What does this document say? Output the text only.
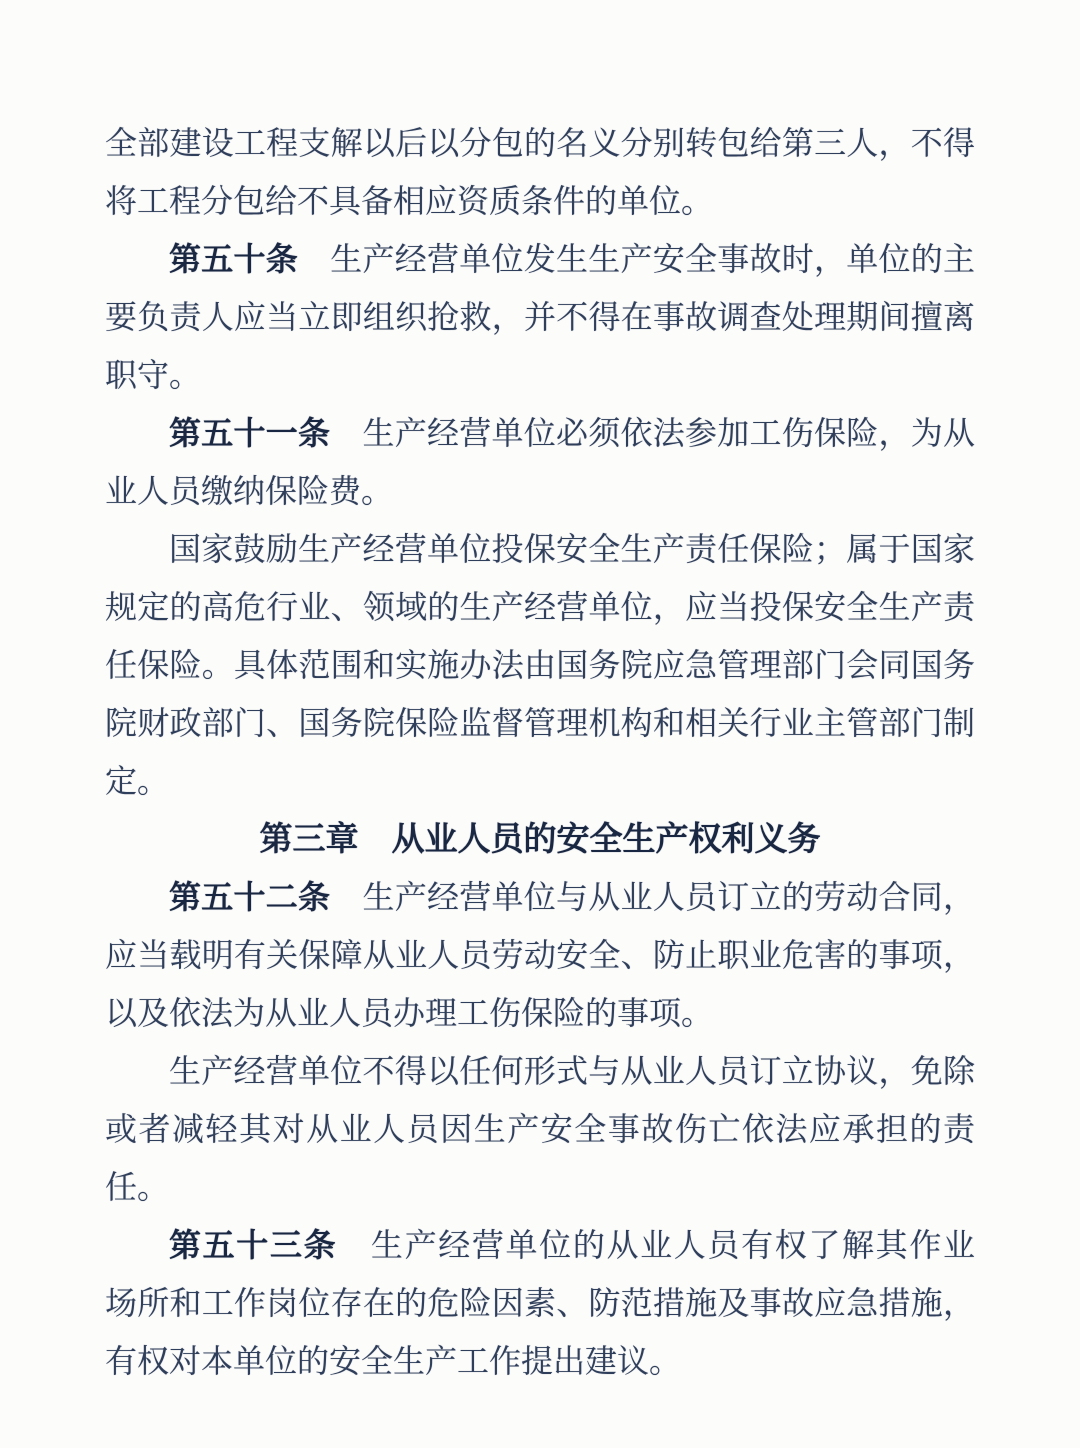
全部建设工程支解以后以分包的名义分别转包给第三人，不得
将工程分包给不具备相应资质条件的单位。
第五十条　生产经营单位发生生产安全事故时，单位的主
要负责人应当立即组织抢救，并不得在事故调查处理期间擅离
职守。
第五十一条　生产经营单位必须依法参加工伤保险，为从
业人员缴纳保险费。
国家鼓励生产经营单位投保安全生产责任保险；属于国家
规定的高危行业、领域的生产经营单位，应当投保安全生产责
任保险。具体范围和实施办法由国务院应急管理部门会同国务
院财政部门、国务院保险监督管理机构和相关行业主管部门制
定。
第三章　从业人员的安全生产权利义务
第五十二条　生产经营单位与从业人员订立的劳动合同，
应当载明有关保障从业人员劳动安全、防止职业危害的事项，
以及依法为从业人员办理工伤保险的事项。
生产经营单位不得以任何形式与从业人员订立协议，免除
或者减轻其对从业人员因生产安全事故伤亡依法应承担的责
任。
第五十三条　生产经营单位的从业人员有权了解其作业
场所和工作岗位存在的危险因素、防范措施及事故应急措施，
有权对本单位的安全生产工作提出建议。
